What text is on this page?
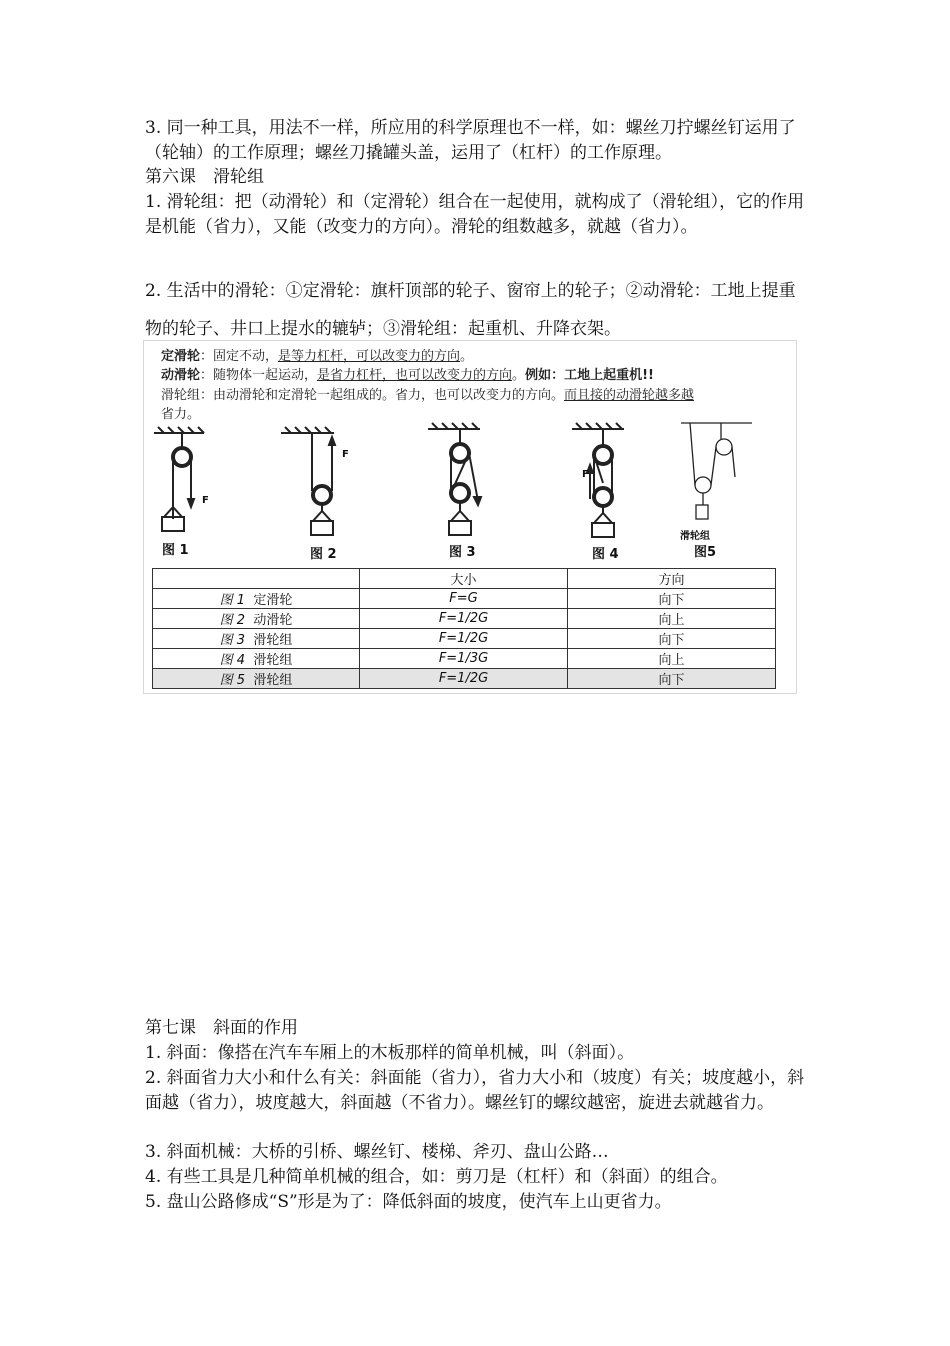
3. 同一种工具，用法不一样，所应用的科学原理也不一样，如：螺丝刀拧螺丝钉运用了（轮轴）的工作原理；螺丝刀撬罐头盖，运用了（杠杆）的工作原理。

第六课　滑轮组

1. 滑轮组：把（动滑轮）和（定滑轮）组合在一起使用，就构成了（滑轮组），它的作用是机能（省力），又能（改变力的方向）。滑轮的组数越多，就越（省力）。

2. 生活中的滑轮：①定滑轮：旗杆顶部的轮子、窗帘上的轮子；②动滑轮：工地上提重物的轮子、井口上提水的辘轳；③滑轮组：起重机、升降衣架。

定滑轮：固定不动，是等力杠杆，可以改变力的方向。

动滑轮：随物体一起运动，是省力杠杆，也可以改变力的方向。例如：工地上起重机!!

滑轮组：由动滑轮和定滑轮一起组成的。省力，也可以改变力的方向。而且接的动滑轮越多越

省力。

F
F
F
图 1	图 2	图 3	图 4
滑轮组
图5
	大小	方向
图 1 定滑轮	F=G	向下
图 2 动滑轮	F=1/2G	向上
图 3 滑轮组	F=1/2G	向下
图 4 滑轮组	F=1/3G	向上
图 5 滑轮组	F=1/2G	向下

第七课　斜面的作用

1. 斜面：像搭在汽车车厢上的木板那样的简单机械，叫（斜面）。

2. 斜面省力大小和什么有关：斜面能（省力），省力大小和（坡度）有关；坡度越小，斜面越（省力），坡度越大，斜面越（不省力）。螺丝钉的螺纹越密，旋进去就越省力。

3. 斜面机械：大桥的引桥、螺丝钉、楼梯、斧刃、盘山公路…

4. 有些工具是几种简单机械的组合，如：剪刀是（杠杆）和（斜面）的组合。

5. 盘山公路修成“S”形是为了：降低斜面的坡度，使汽车上山更省力。
